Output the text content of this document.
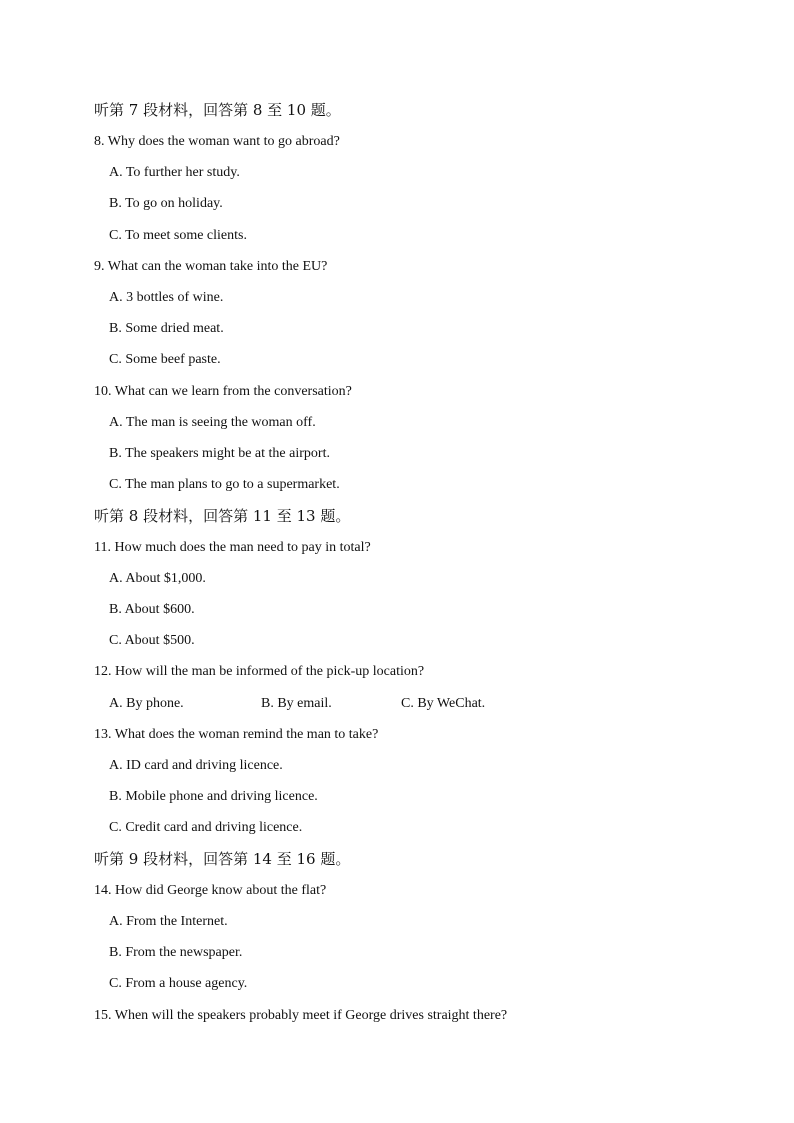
听第 7 段材料，回答第 8 至 10 题。
8. Why does the woman want to go abroad?
A. To further her study.
B. To go on holiday.
C. To meet some clients.
9. What can the woman take into the EU?
A. 3 bottles of wine.
B. Some dried meat.
C. Some beef paste.
10. What can we learn from the conversation?
A. The man is seeing the woman off.
B. The speakers might be at the airport.
C. The man plans to go to a supermarket.
听第 8 段材料，回答第 11 至 13 题。
11. How much does the man need to pay in total?
A. About $1,000.
B. About $600.
C. About $500.
12. How will the man be informed of the pick-up location?
A. By phone.	B. By email.	C. By WeChat.
13. What does the woman remind the man to take?
A. ID card and driving licence.
B. Mobile phone and driving licence.
C. Credit card and driving licence.
听第 9 段材料，回答第 14 至 16 题。
14. How did George know about the flat?
A. From the Internet.
B. From the newspaper.
C. From a house agency.
15. When will the speakers probably meet if George drives straight there?
